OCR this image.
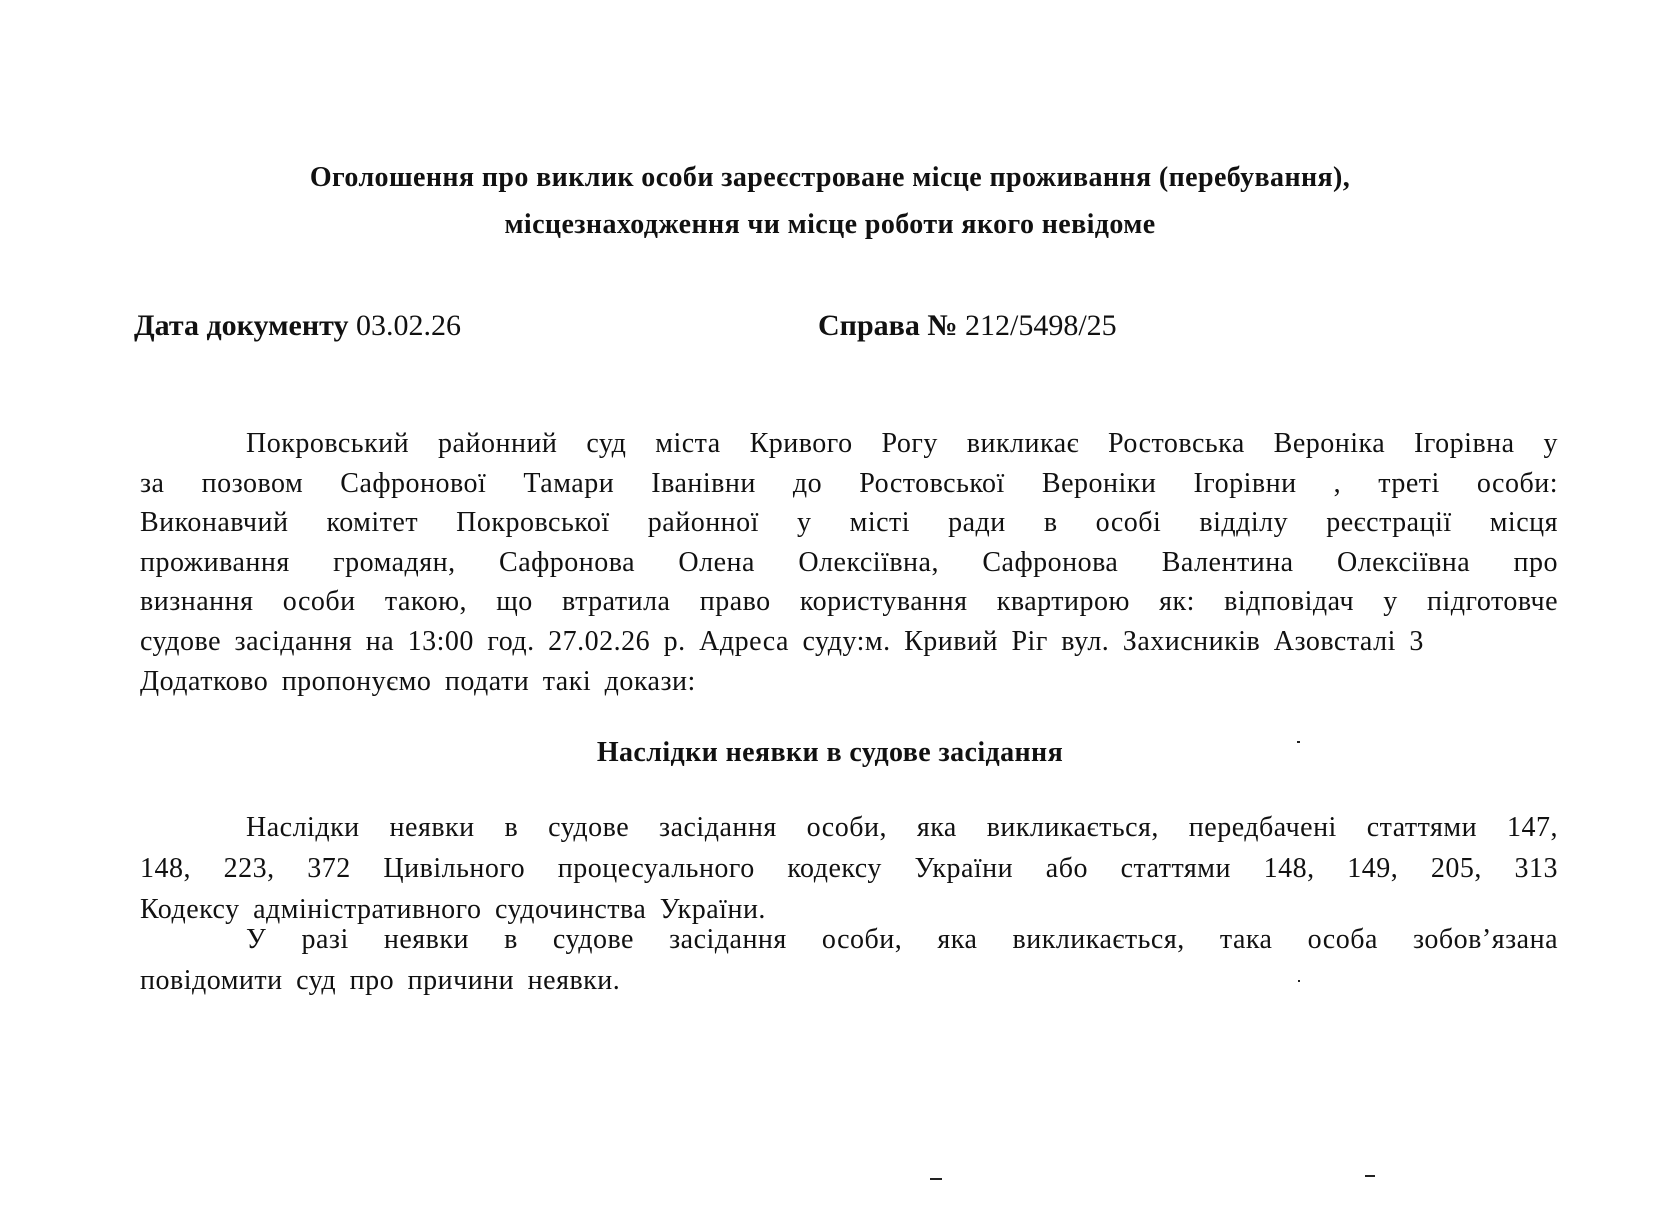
Оголошення про виклик особи зареєстроване місце проживання (перебування),
місцезнаходження чи місце роботи якого невідоме
Дата документу 03.02.26	Справа № 212/5498/25
Покровський районний суд міста Кривого Рогу викликає Ростовська Вероніка Ігорівна у
за позовом Сафронової Тамари Іванівни до Ростовської Вероніки Ігорівни , треті особи:
Виконавчий комітет Покровської районної у місті ради в особі відділу реєстрації місця
проживання громадян, Сафронова Олена Олексіївна, Сафронова Валентина Олексіївна про
визнання особи такою, що втратила право користування квартирою як: відповідач у підготовче
судове засідання на 13:00 год. 27.02.26 р. Адреса суду:м. Кривий Ріг вул. Захисників Азовсталі 3
Додатково пропонуємо подати такі докази:
Наслідки неявки в судове засідання
Наслідки неявки в судове засідання особи, яка викликається, передбачені статтями 147,
148, 223, 372 Цивільного процесуального кодексу України або статтями 148, 149, 205, 313
Кодексу адміністративного судочинства України.
У разі неявки в судове засідання особи, яка викликається, така особа зобов’язана
повідомити суд про причини неявки.
